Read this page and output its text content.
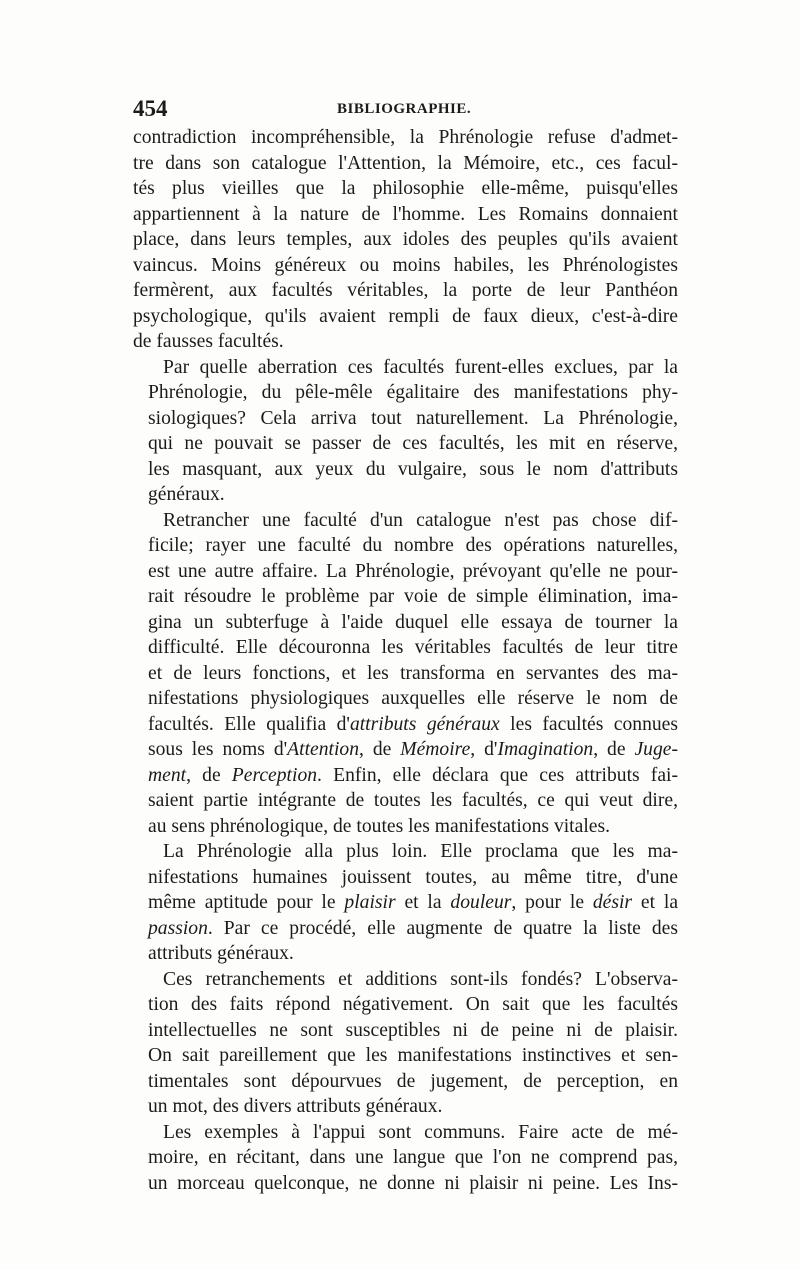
454	BIBLIOGRAPHIE.
contradiction incompréhensible, la Phrénologie refuse d'admet-
tre dans son catalogue l'Attention, la Mémoire, etc., ces facul-
tés plus vieilles que la philosophie elle-même, puisqu'elles
appartiennent à la nature de l'homme. Les Romains donnaient
place, dans leurs temples, aux idoles des peuples qu'ils avaient
vaincus. Moins généreux ou moins habiles, les Phrénologistes
fermèrent, aux facultés véritables, la porte de leur Panthéon
psychologique, qu'ils avaient rempli de faux dieux, c'est-à-dire
de fausses facultés.
Par quelle aberration ces facultés furent-elles exclues, par la
Phrénologie, du pêle-mêle égalitaire des manifestations phy-
siologiques? Cela arriva tout naturellement. La Phrénologie,
qui ne pouvait se passer de ces facultés, les mit en réserve,
les masquant, aux yeux du vulgaire, sous le nom d'attributs
généraux.
Retrancher une faculté d'un catalogue n'est pas chose dif-
ficile; rayer une faculté du nombre des opérations naturelles,
est une autre affaire. La Phrénologie, prévoyant qu'elle ne pour-
rait résoudre le problème par voie de simple élimination, ima-
gina un subterfuge à l'aide duquel elle essaya de tourner la
difficulté. Elle découronna les véritables facultés de leur titre
et de leurs fonctions, et les transforma en servantes des ma-
nifestations physiologiques auxquelles elle réserve le nom de
facultés. Elle qualifia d'attributs généraux les facultés connues
sous les noms d'Attention, de Mémoire, d'Imagination, de Juge-
ment, de Perception. Enfin, elle déclara que ces attributs fai-
saient partie intégrante de toutes les facultés, ce qui veut dire,
au sens phrénologique, de toutes les manifestations vitales.
La Phrénologie alla plus loin. Elle proclama que les ma-
nifestations humaines jouissent toutes, au même titre, d'une
même aptitude pour le plaisir et la douleur, pour le désir et la
passion. Par ce procédé, elle augmente de quatre la liste des
attributs généraux.
Ces retranchements et additions sont-ils fondés? L'observa-
tion des faits répond négativement. On sait que les facultés
intellectuelles ne sont susceptibles ni de peine ni de plaisir.
On sait pareillement que les manifestations instinctives et sen-
timentales sont dépourvues de jugement, de perception, en
un mot, des divers attributs généraux.
Les exemples à l'appui sont communs. Faire acte de mé-
moire, en récitant, dans une langue que l'on ne comprend pas,
un morceau quelconque, ne donne ni plaisir ni peine. Les Ins-
